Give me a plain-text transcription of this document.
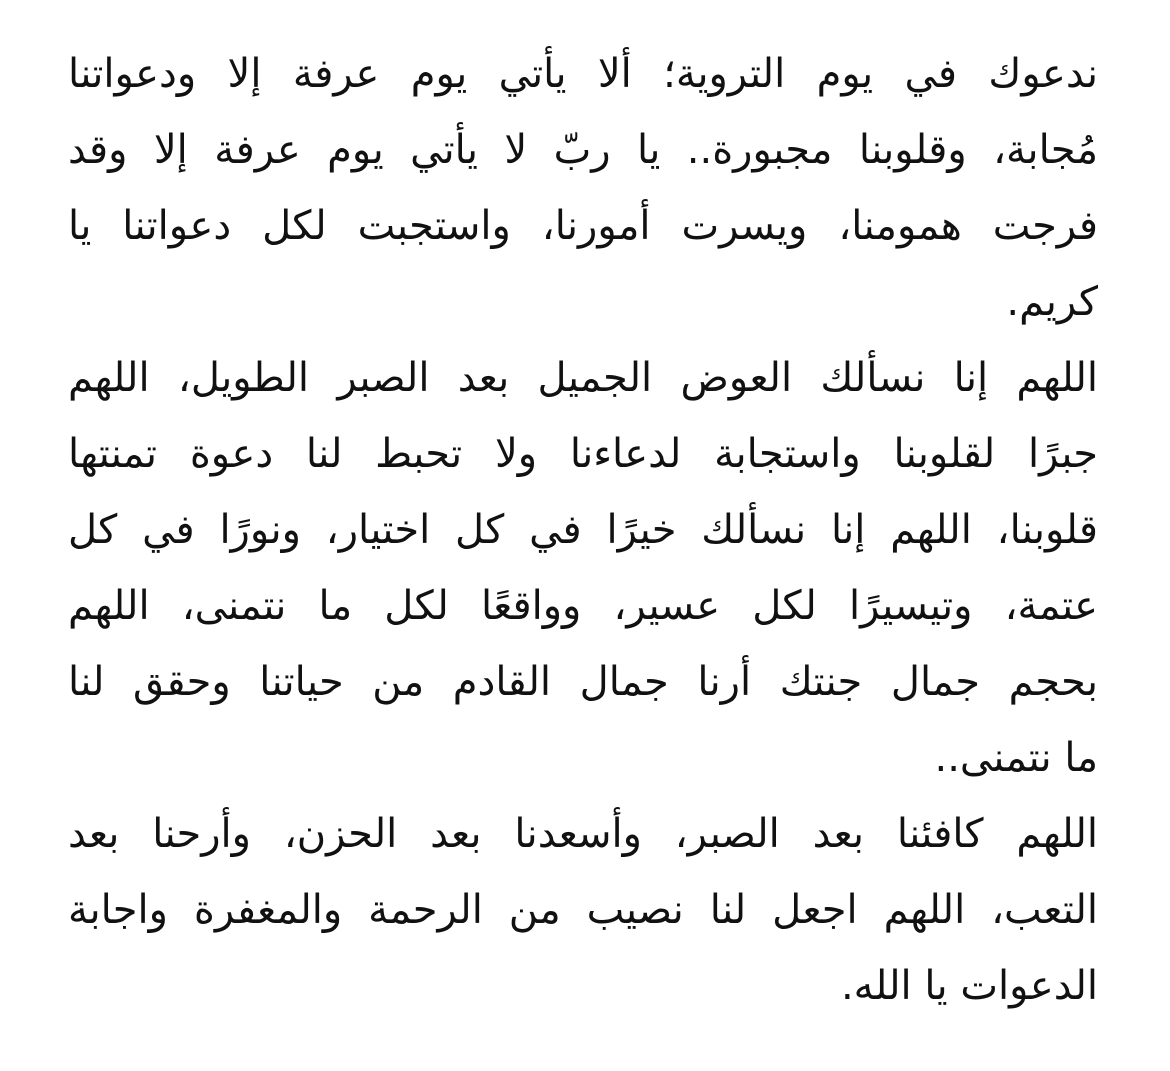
ندعوك في يوم التروية؛ ألا يأتي يوم عرفة إلا ودعواتنا
مُجابة، وقلوبنا مجبورة.. يا ربّ لا يأتي يوم عرفة إلا وقد
فرجت همومنا، ويسرت أمورنا، واستجبت لكل دعواتنا يا
كريم.
اللهم إنا نسألك العوض الجميل بعد الصبر الطويل، اللهم
جبرًا لقلوبنا واستجابة لدعاءنا ولا تحبط لنا دعوة تمنتها
قلوبنا، اللهم إنا نسألك خيرًا في كل اختيار، ونورًا في كل
عتمة، وتيسيرًا لكل عسير، وواقعًا لكل ما نتمنى، اللهم
بحجم جمال جنتك أرنا جمال القادم من حياتنا وحقق لنا
ما نتمنى..
اللهم كافئنا بعد الصبر، وأسعدنا بعد الحزن، وأرحنا بعد
التعب، اللهم اجعل لنا نصيب من الرحمة والمغفرة واجابة
الدعوات يا الله.
